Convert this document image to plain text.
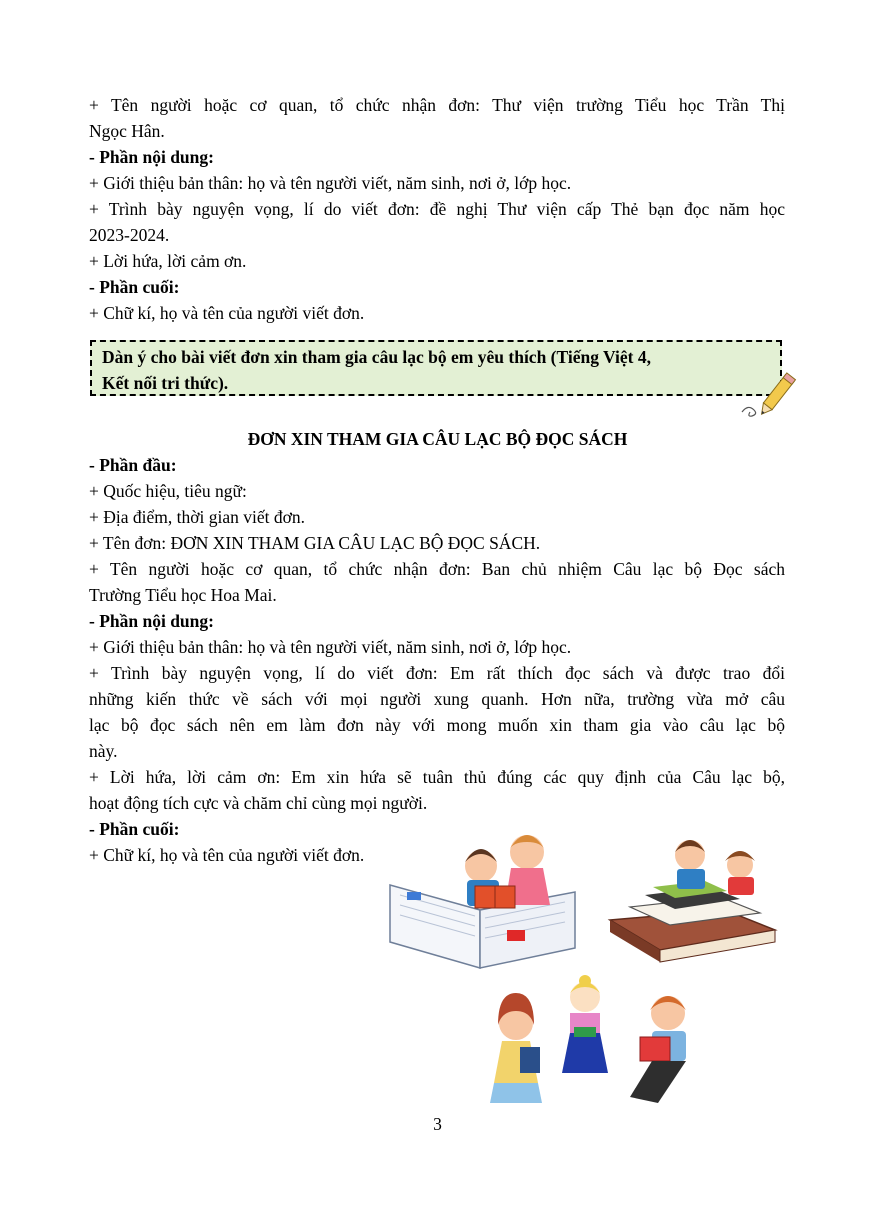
+ Tên người hoặc cơ quan, tổ chức nhận đơn: Thư viện trường Tiểu học Trần Thị
Ngọc Hân.
- Phần nội dung:
+ Giới thiệu bản thân: họ và tên người viết, năm sinh, nơi ở, lớp học.
+ Trình bày nguyện vọng, lí do viết đơn: đề nghị Thư viện cấp Thẻ bạn đọc năm học
2023-2024.
+ Lời hứa, lời cảm ơn.
- Phần cuối:
+ Chữ kí, họ và tên của người viết đơn.
Dàn ý cho bài viết đơn xin tham gia câu lạc bộ em yêu thích (Tiếng Việt 4,
Kết nối tri thức).
ĐƠN XIN THAM GIA CÂU LẠC BỘ ĐỌC SÁCH
- Phần đầu:
+ Quốc hiệu, tiêu ngữ:
+ Địa điểm, thời gian viết đơn.
+ Tên đơn: ĐƠN XIN THAM GIA CÂU LẠC BỘ ĐỌC SÁCH.
+ Tên người hoặc cơ quan, tổ chức nhận đơn: Ban chủ nhiệm Câu lạc bộ Đọc sách
Trường Tiểu học Hoa Mai.
- Phần nội dung:
+ Giới thiệu bản thân: họ và tên người viết, năm sinh, nơi ở, lớp học.
+ Trình bày nguyện vọng, lí do viết đơn: Em rất thích đọc sách và được trao đổi
những kiến thức về sách với mọi người xung quanh. Hơn nữa, trường vừa mở câu
lạc bộ đọc sách nên em làm đơn này với mong muốn xin tham gia vào câu lạc bộ
này.
+ Lời hứa, lời cảm ơn: Em xin hứa sẽ tuân thủ đúng các quy định của Câu lạc bộ,
hoạt động tích cực và chăm chỉ cùng mọi người.
- Phần cuối:
+ Chữ kí, họ và tên của người viết đơn.
3
